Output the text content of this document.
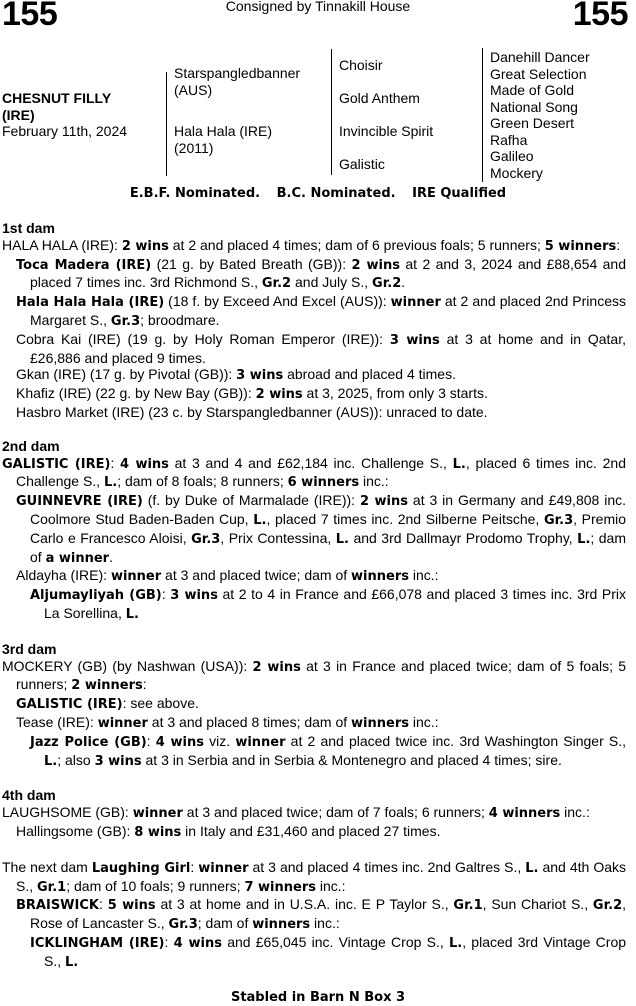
155	Consigned by Tinnakill House	155
CHESNUT FILLY
(IRE)
February 11th, 2024
Starspangledbanner
(AUS)
Hala Hala (IRE)
(2011)
Choisir
Gold Anthem
Invincible Spirit
Galistic
Danehill Dancer
Great Selection
Made of Gold
National Song
Green Desert
Rafha
Galileo
Mockery
E.B.F. Nominated. B.C. Nominated. IRE Qualified
1st dam
HALA HALA (IRE): 2 wins at 2 and placed 4 times; dam of 6 previous foals; 5 runners; 5 winners:
Toca Madera (IRE) (21 g. by Bated Breath (GB)): 2 wins at 2 and 3, 2024 and £88,654 and placed 7 times inc. 3rd Richmond S., Gr.2 and July S., Gr.2.
Hala Hala Hala (IRE) (18 f. by Exceed And Excel (AUS)): winner at 2 and placed 2nd Princess Margaret S., Gr.3; broodmare.
Cobra Kai (IRE) (19 g. by Holy Roman Emperor (IRE)): 3 wins at 3 at home and in Qatar, £26,886 and placed 9 times.
Gkan (IRE) (17 g. by Pivotal (GB)): 3 wins abroad and placed 4 times.
Khafiz (IRE) (22 g. by New Bay (GB)): 2 wins at 3, 2025, from only 3 starts.
Hasbro Market (IRE) (23 c. by Starspangledbanner (AUS)): unraced to date.
2nd dam
GALISTIC (IRE): 4 wins at 3 and 4 and £62,184 inc. Challenge S., L., placed 6 times inc. 2nd Challenge S., L.; dam of 8 foals; 8 runners; 6 winners inc.:
GUINNEVRE (IRE) (f. by Duke of Marmalade (IRE)): 2 wins at 3 in Germany and £49,808 inc. Coolmore Stud Baden-Baden Cup, L., placed 7 times inc. 2nd Silberne Peitsche, Gr.3, Premio Carlo e Francesco Aloisi, Gr.3, Prix Contessina, L. and 3rd Dallmayr Prodomo Trophy, L.; dam of a winner.
Aldayha (IRE): winner at 3 and placed twice; dam of winners inc.:
Aljumayliyah (GB): 3 wins at 2 to 4 in France and £66,078 and placed 3 times inc. 3rd Prix La Sorellina, L.
3rd dam
MOCKERY (GB) (by Nashwan (USA)): 2 wins at 3 in France and placed twice; dam of 5 foals; 5 runners; 2 winners:
GALISTIC (IRE): see above.
Tease (IRE): winner at 3 and placed 8 times; dam of winners inc.:
Jazz Police (GB): 4 wins viz. winner at 2 and placed twice inc. 3rd Washington Singer S., L.; also 3 wins at 3 in Serbia and in Serbia & Montenegro and placed 4 times; sire.
4th dam
LAUGHSOME (GB): winner at 3 and placed twice; dam of 7 foals; 6 runners; 4 winners inc.:
Hallingsome (GB): 8 wins in Italy and £31,460 and placed 27 times.
The next dam Laughing Girl: winner at 3 and placed 4 times inc. 2nd Galtres S., L. and 4th Oaks S., Gr.1; dam of 10 foals; 9 runners; 7 winners inc.:
BRAISWICK: 5 wins at 3 at home and in U.S.A. inc. E P Taylor S., Gr.1, Sun Chariot S., Gr.2, Rose of Lancaster S., Gr.3; dam of winners inc.:
ICKLINGHAM (IRE): 4 wins and £65,045 inc. Vintage Crop S., L., placed 3rd Vintage Crop S., L.
Stabled in Barn N Box 3
